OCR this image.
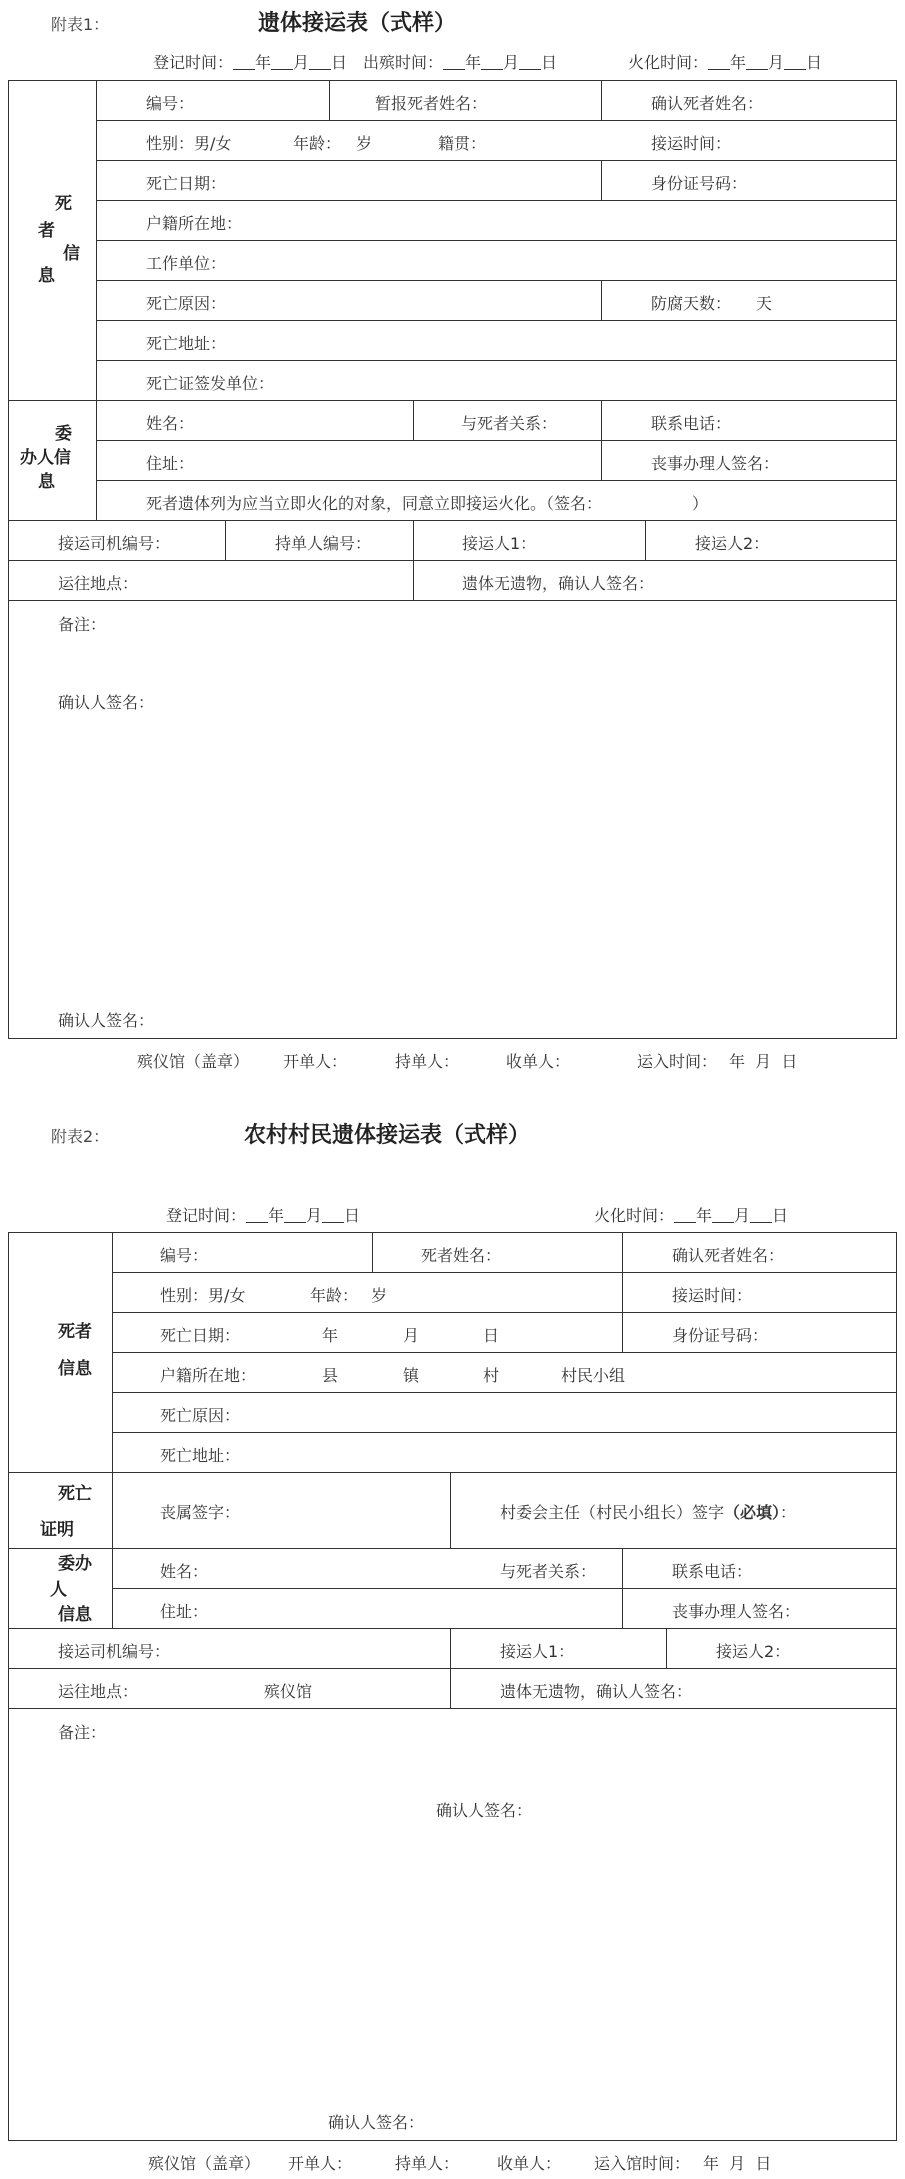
附表1：	遗体接运表（式样）
登记时间： 年 月 日 出殡时间： 年 月 日	火化时间： 年 月 日
死
者
信
息
委
办人信
息
编号：	暂报死者姓名：	确认死者姓名：
性别：男/女	年龄： 岁	籍贯：	接运时间：
死亡日期：	身份证号码：
户籍所在地：
工作单位：
死亡原因：	防腐天数： 天
死亡地址：
死亡证签发单位：
姓名：	与死者关系：	联系电话：
住址：	丧事办理人签名：
死者遗体列为应当立即火化的对象，同意立即接运火化。（签名：	）
接运司机编号：	持单人编号：	接运人1：	接运人2：
运往地点：	遗体无遗物，确认人签名：
备注：
确认人签名：
确认人签名：
殡仪馆（盖章） 开单人：	持单人：	收单人：	运入时间： 年  月  日
附表2：	农村村民遗体接运表（式样）
登记时间： 年 月 日	火化时间： 年 月 日
死者
信息
死亡
证明
委办
人
信息
编号：	死者姓名：	确认死者姓名：
性别：男/女	年龄： 岁	接运时间：
死亡日期：	年	月	日	身份证号码：
户籍所在地：	县	镇	村	村民小组
死亡原因：
死亡地址：
丧属签字：	村委会主任（村民小组长）签字（必填）：
姓名：	与死者关系：	联系电话：
住址：	丧事办理人签名：
接运司机编号：	接运人1：	接运人2：
运往地点：	殡仪馆	遗体无遗物，确认人签名：
备注：
确认人签名：
确认人签名：
殡仪馆（盖章） 开单人：	持单人： 收单人： 运入馆时间： 年  月  日
